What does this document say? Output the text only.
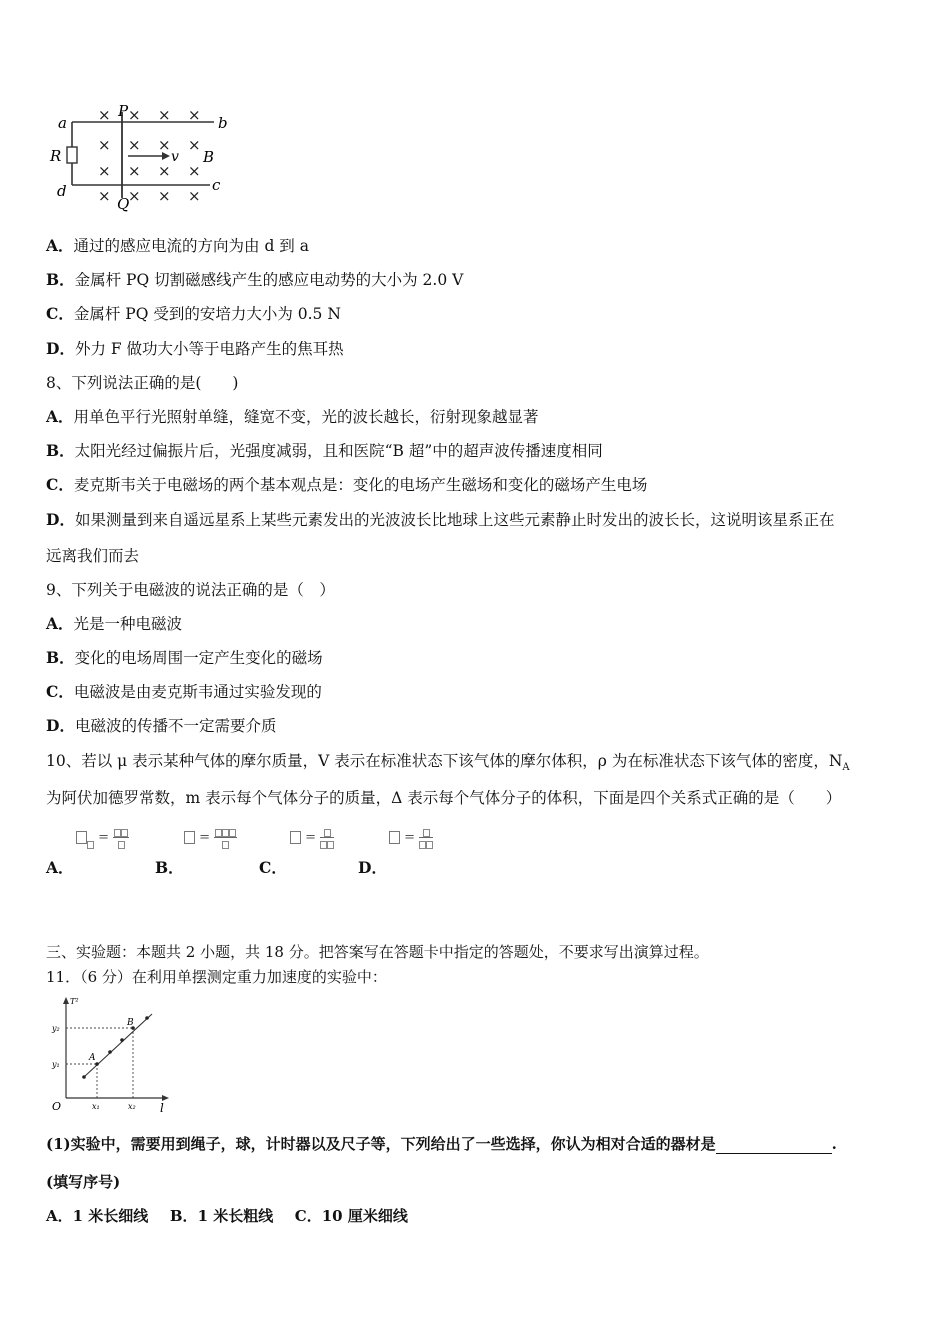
a	b
c
d
P
Q
R	B
v
× × × ×
× × × ×
× × × ×
× × × ×
A．通过的感应电流的方向为由 d 到 a
B．金属杆 PQ 切割磁感线产生的感应电动势的大小为 2.0 V
C．金属杆 PQ 受到的安培力大小为 0.5 N
D．外力 F 做功大小等于电路产生的焦耳热
8、下列说法正确的是(　　)
A．用单色平行光照射单缝，缝宽不变，光的波长越长，衍射现象越显著
B．太阳光经过偏振片后，光强度减弱，且和医院“B 超”中的超声波传播速度相同
C．麦克斯韦关于电磁场的两个基本观点是：变化的电场产生磁场和变化的磁场产生电场
D．如果测量到来自遥远星系上某些元素发出的光波波长比地球上这些元素静止时发出的波长长，这说明该星系正在
远离我们而去
9、下列关于电磁波的说法正确的是（　）
A．光是一种电磁波
B．变化的电场周围一定产生变化的磁场
C．电磁波是由麦克斯韦通过实验发现的
D．电磁波的传播不一定需要介质
10、若以 μ 表示某种气体的摩尔质量，V 表示在标准状态下该气体的摩尔体积，ρ 为在标准状态下该气体的密度，$N_A$
为阿伏加德罗常数，m 表示每个气体分子的质量，Δ 表示每个气体分子的体积，下面是四个关系式正确的是（　　）
=
A．
=
B．
=
C．
=
D．
三、实验题：本题共 2 小题，共 18 分。把答案写在答题卡中指定的答题处，不要求写出演算过程。
11．（6 分）在利用单摆测定重力加速度的实验中：
T²
l
O
y₂
y₁
x₁	x₂
A
B
(1)实验中，需要用到绳子，球，计时器以及尺子等，下列给出了一些选择，你认为相对合适的器材是	.
(填写序号)
A．1 米长细线 B．1 米长粗线 C．10 厘米细线
